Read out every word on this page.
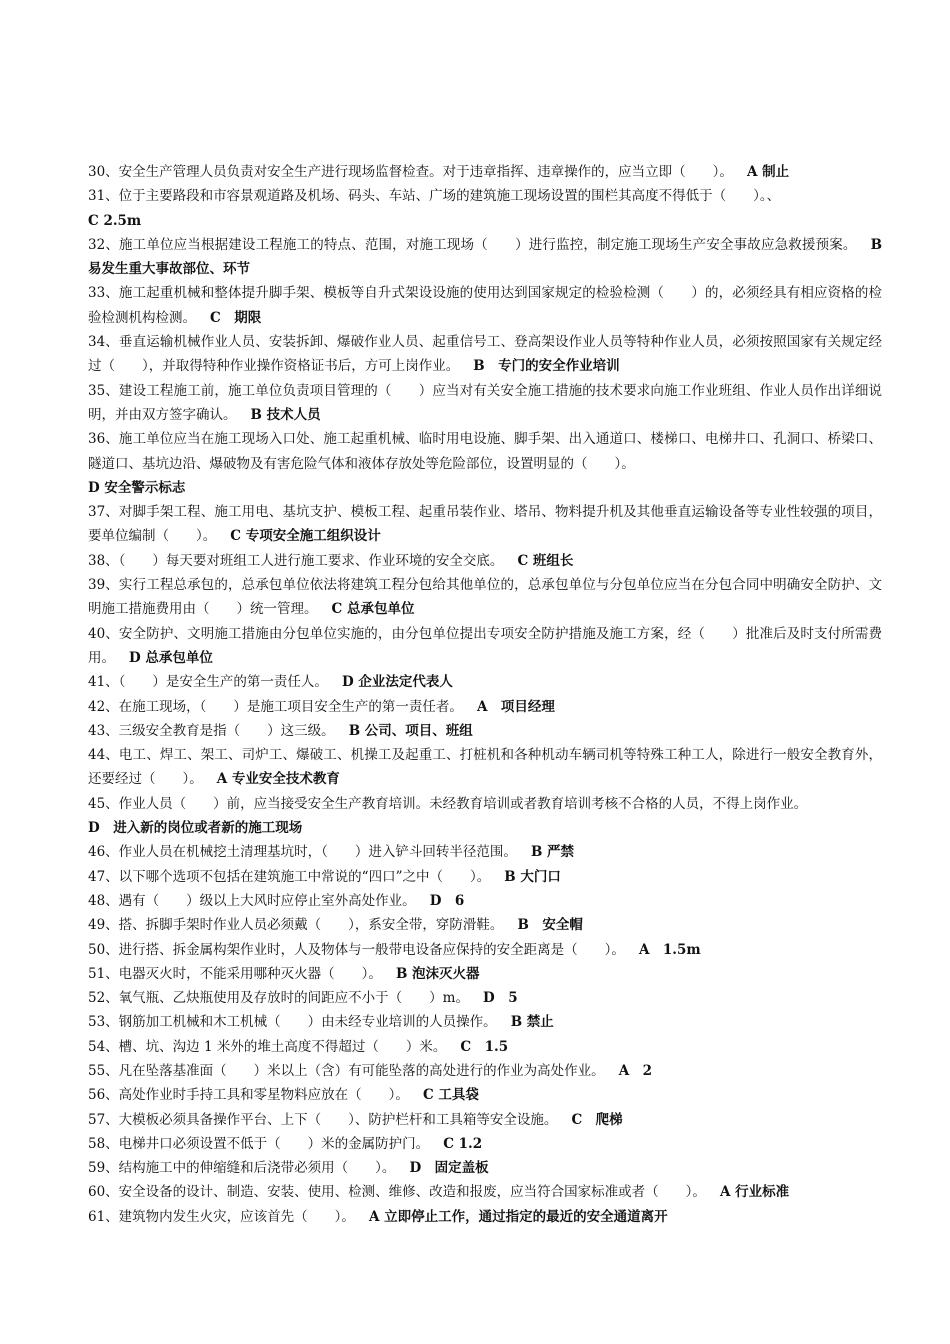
30、安全生产管理人员负责对安全生产进行现场监督检查。对于违章指挥、违章操作的，应当立即（　　）。 A 制止

31、位于主要路段和市容景观道路及机场、码头、车站、广场的建筑施工现场设置的围栏其高度不得低于（　　）。、
C 2.5m

32、施工单位应当根据建设工程施工的特点、范围，对施工现场（　　）进行监控，制定施工现场生产安全事故应急救援预案。 B　易发生重大事故部位、环节

33、施工起重机械和整体提升脚手架、模板等自升式架设设施的使用达到国家规定的检验检测（　　）的，必须经具有相应资格的检验检测机构检测。 C　期限

34、垂直运输机械作业人员、安装拆卸、爆破作业人员、起重信号工、登高架设作业人员等特种作业人员，必须按照国家有关规定经过（　　），并取得特种作业操作资格证书后，方可上岗作业。 B　专门的安全作业培训

35、建设工程施工前，施工单位负责项目管理的（　　）应当对有关安全施工措施的技术要求向施工作业班组、作业人员作出详细说明，并由双方签字确认。 B 技术人员

36、施工单位应当在施工现场入口处、施工起重机械、临时用电设施、脚手架、出入通道口、楼梯口、电梯井口、孔洞口、桥梁口、隧道口、基坑边沿、爆破物及有害危险气体和液体存放处等危险部位，设置明显的（　　）。
D 安全警示标志

37、对脚手架工程、施工用电、基坑支护、模板工程、起重吊装作业、塔吊、物料提升机及其他垂直运输设备等专业性较强的项目，要单位编制（　　）。 C 专项安全施工组织设计

38、（　　）每天要对班组工人进行施工要求、作业环境的安全交底。 C 班组长

39、实行工程总承包的，总承包单位依法将建筑工程分包给其他单位的，总承包单位与分包单位应当在分包合同中明确安全防护、文明施工措施费用由（　　）统一管理。 C 总承包单位

40、安全防护、文明施工措施由分包单位实施的，由分包单位提出专项安全防护措施及施工方案，经（　　）批准后及时支付所需费用。 D 总承包单位

41、（　　）是安全生产的第一责任人。 D 企业法定代表人

42、在施工现场，（　　）是施工项目安全生产的第一责任者。 A　项目经理

43、三级安全教育是指（　　）这三级。 B 公司、项目、班组

44、电工、焊工、架工、司炉工、爆破工、机操工及起重工、打桩机和各种机动车辆司机等特殊工种工人，除进行一般安全教育外，还要经过（　　）。 A 专业安全技术教育

45、作业人员（　　）前，应当接受安全生产教育培训。未经教育培训或者教育培训考核不合格的人员，不得上岗作业。
D　进入新的岗位或者新的施工现场

46、作业人员在机械挖土清理基坑时，（　　）进入铲斗回转半径范围。 B 严禁

47、以下哪个选项不包括在建筑施工中常说的“四口”之中（　　）。 B 大门口

48、遇有（　　）级以上大风时应停止室外高处作业。 D　6

49、搭、拆脚手架时作业人员必须戴（　　），系安全带，穿防滑鞋。 B　安全帽

50、进行搭、拆金属构架作业时，人及物体与一般带电设备应保持的安全距离是（　　）。 A　1.5m

51、电器灭火时，不能采用哪种灭火器（　　）。 B 泡沫灭火器

52、氧气瓶、乙炔瓶使用及存放时的间距应不小于（　　）m。 D　5

53、钢筋加工机械和木工机械（　　）由未经专业培训的人员操作。 B 禁止

54、槽、坑、沟边 1 米外的堆土高度不得超过（　　）米。 C　1.5

55、凡在坠落基准面（　　）米以上（含）有可能坠落的高处进行的作业为高处作业。 A　2

56、高处作业时手持工具和零星物料应放在（　　）。 C 工具袋

57、大模板必须具备操作平台、上下（　　）、防护栏杆和工具箱等安全设施。 C　爬梯

58、电梯井口必须设置不低于（　　）米的金属防护门。 C 1.2

59、结构施工中的伸缩缝和后浇带必须用（　　）。 D　固定盖板

60、安全设备的设计、制造、安装、使用、检测、维修、改造和报废，应当符合国家标准或者（　　）。 A 行业标准

61、建筑物内发生火灾，应该首先（　　）。 A 立即停止工作，通过指定的最近的安全通道离开
